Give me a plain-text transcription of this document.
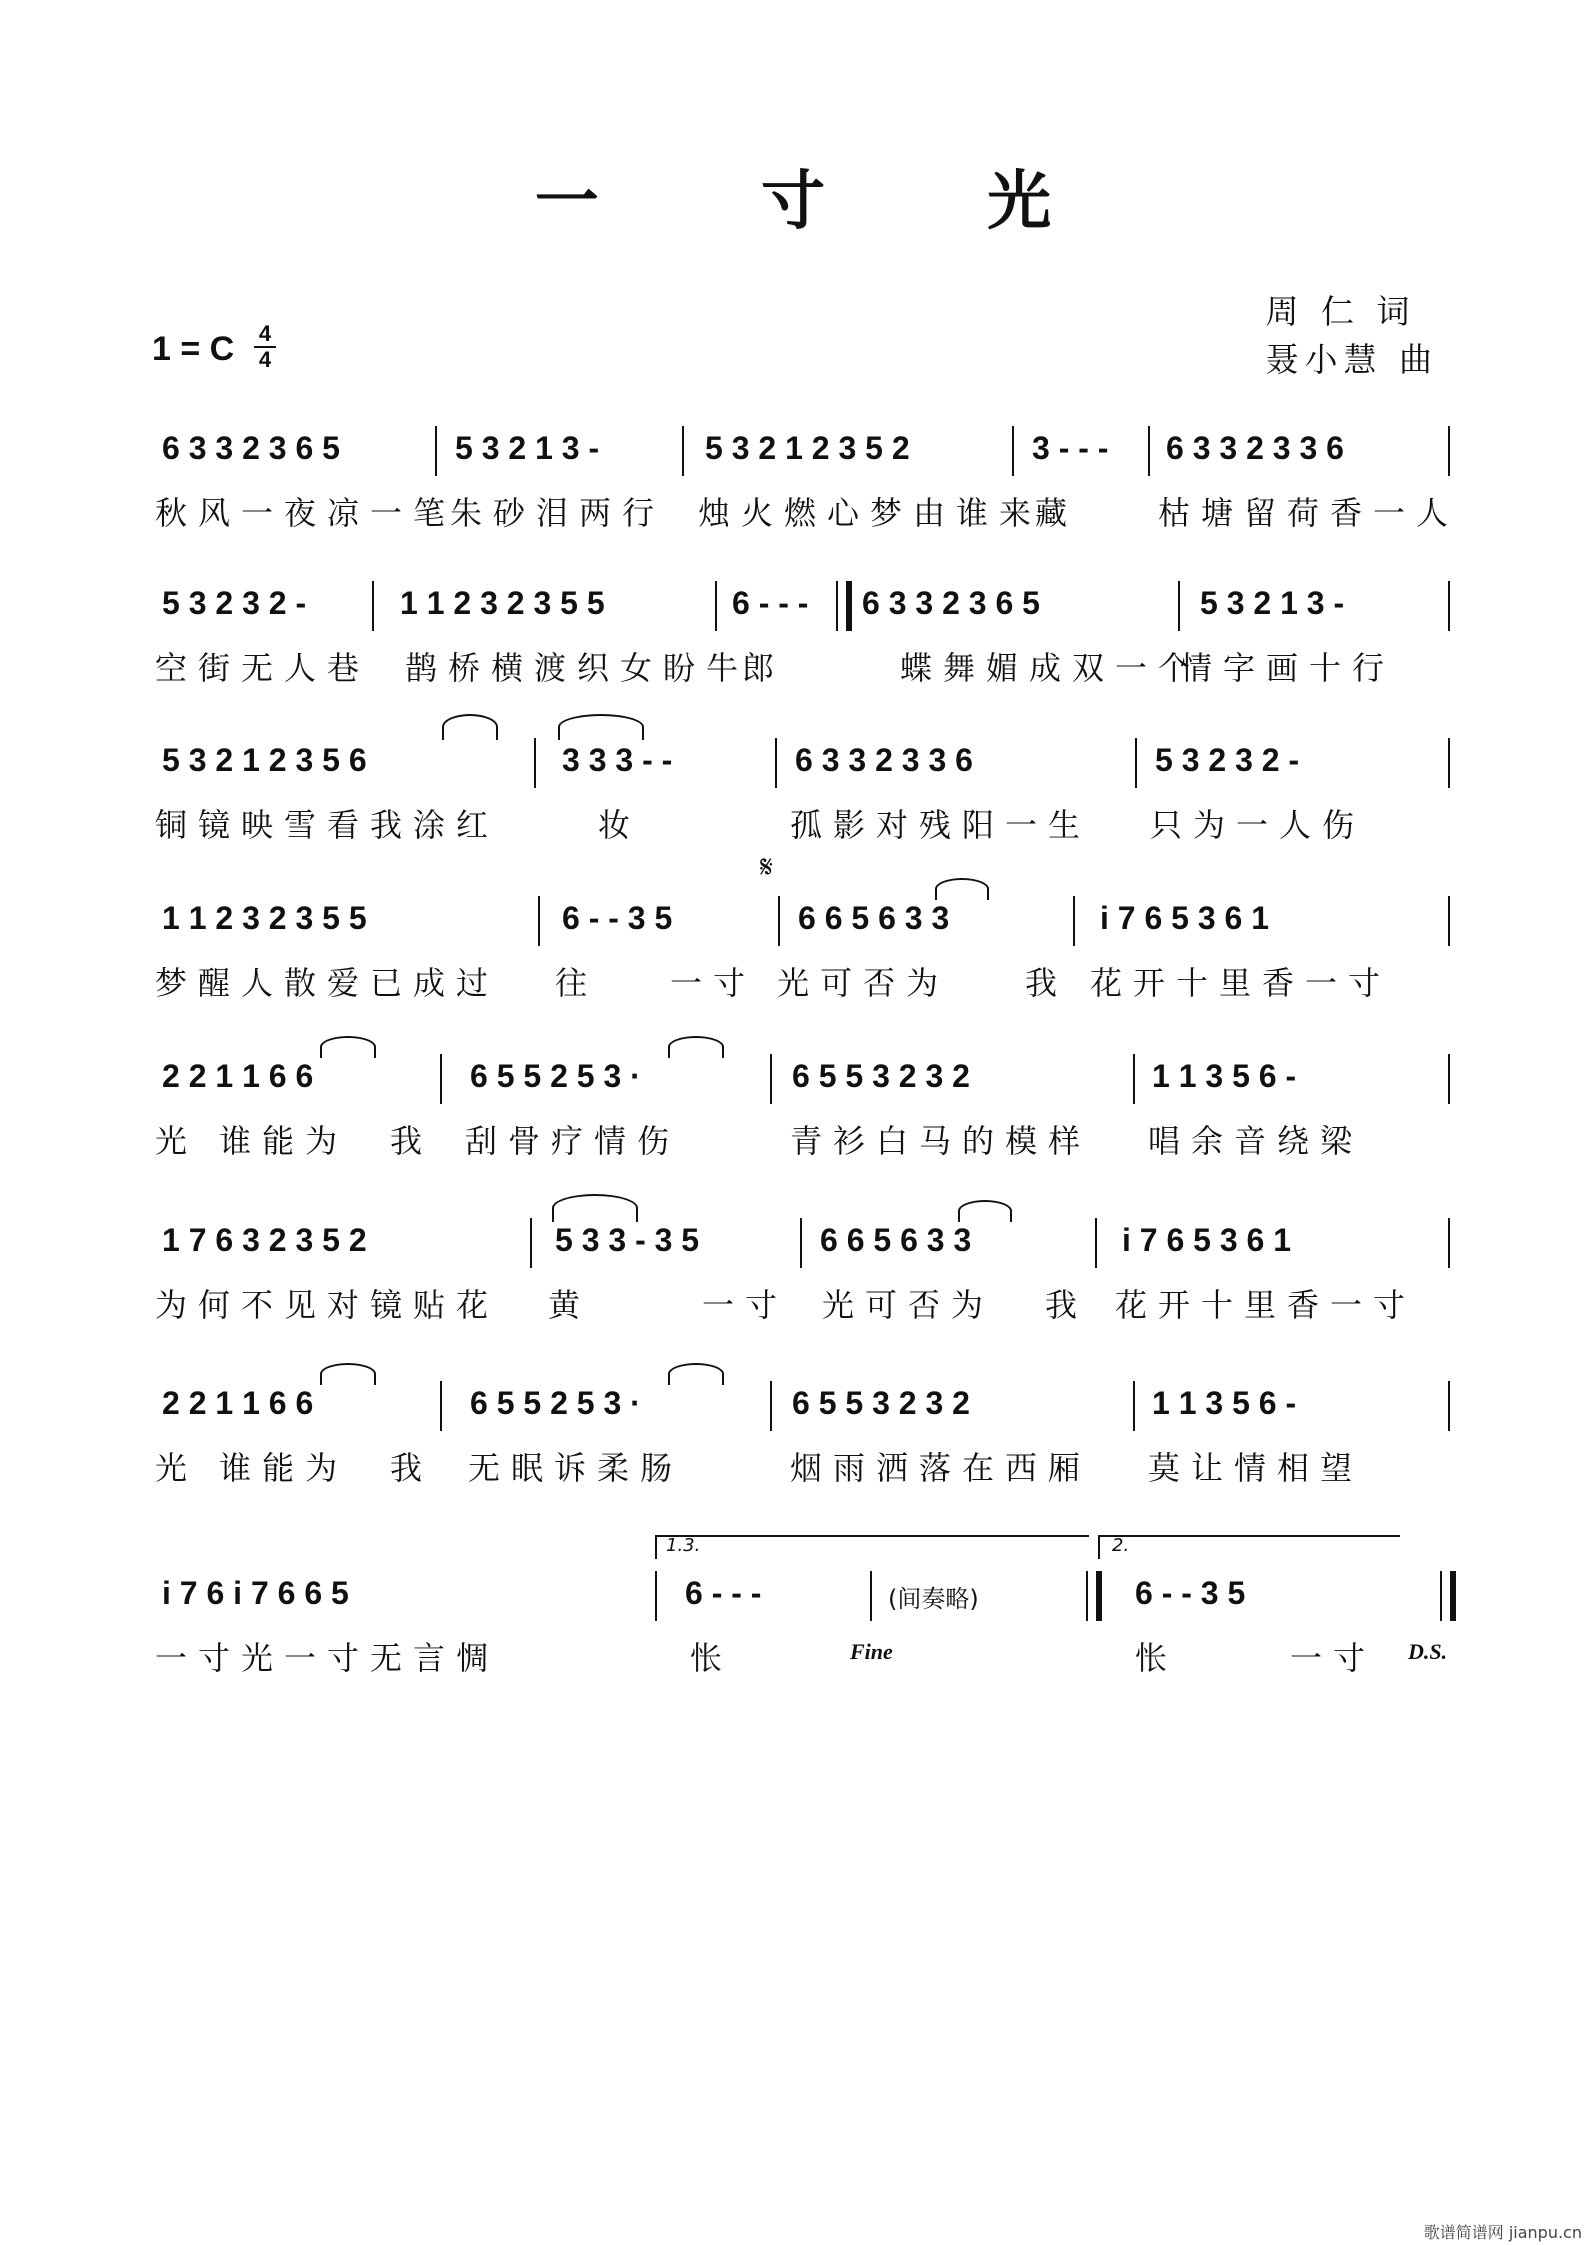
一 寸 光
周 仁 词
聂小慧 曲
1 = C	4
4
6 3 3 2 3 6 5	5 3 2 1 3 -	5 3 2 1 2 3 5 2	3 - - - 6 3 3 2 3 3 6
秋风一夜凉一笔
朱砂泪两行 烛火燃心梦由谁来
藏 枯塘留荷香一人
5 3 2 3 2 -	1 1 2 3 2 3 5 5	6 - - - 6 3 3 2 3 6 5	5 3 2 1 3 -
空街无人巷 鹊桥横渡织女盼牛
郎	蝶舞媚成双一个
情字画十行
5 3 2 1 2 3 5 6	3 3 3 - -	6 3 3 2 3 3 6	5 3 2 3 2 -
铜镜映雪看我涂红	妆	孤影对残阳一生 只为一人伤
𝄋
1 1 2 3 2 3 5 5	6 - - 3 5	6 6 5 6 3 3	i 7 6 5 3 6 1
梦醒人散爱已成过 往 一寸 光可否为 我 花开十里香一寸
2 2 1 1 6 6	6 5 5 2 5 3 ·	6 5 5 3 2 3 2	1 1 3 5 6 -
光 谁能为 我 刮骨疗情伤	青衫白马的模样 唱余音绕梁
1 7 6 3 2 3 5 2	5 3 3 - 3 5	6 6 5 6 3 3	i 7 6 5 3 6 1
为何不见对镜贴花 黄	一寸 光可否为 我 花开十里香一寸
2 2 1 1 6 6	6 5 5 2 5 3 ·	6 5 5 3 2 3 2	1 1 3 5 6 -
光 谁能为 我 无眠诉柔肠	烟雨洒落在西厢 莫让情相望
1.3.	2.
i 7 6 i 7 6 6 5	6 - - -	(间奏略)	6 - - 3 5
一寸光一寸无言惆	怅	Fine	怅	一寸 D.S.
歌谱简谱网 jianpu.cn
